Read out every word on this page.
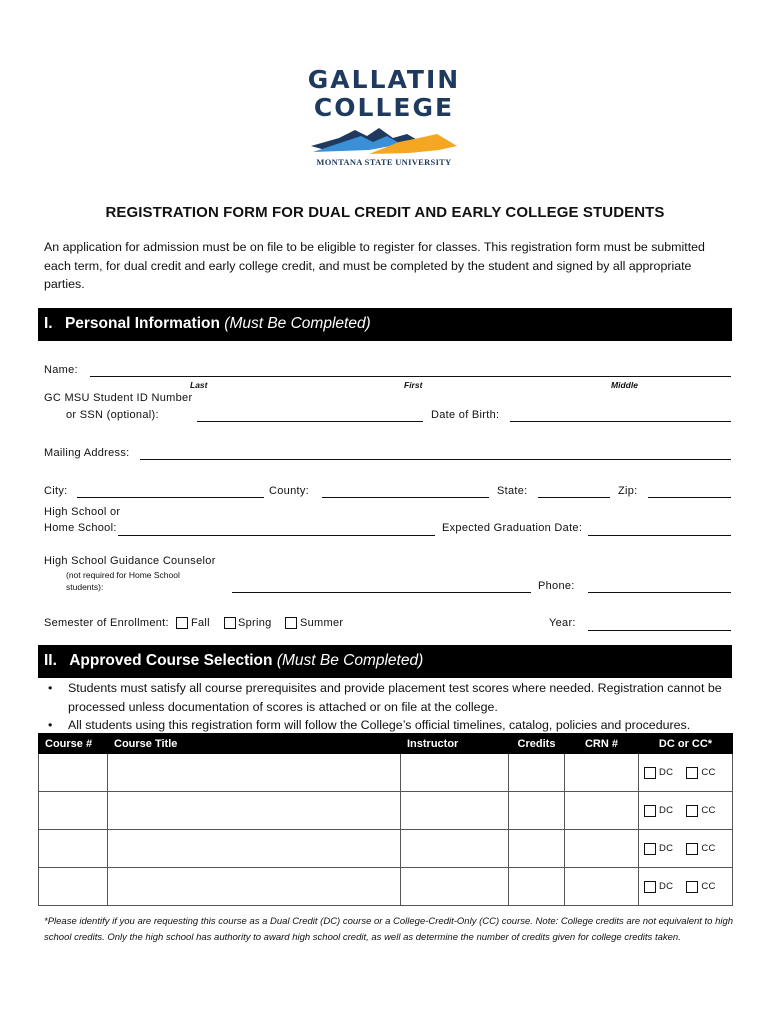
GALLATIN
COLLEGE
MONTANA STATE UNIVERSITY
REGISTRATION FORM FOR DUAL CREDIT AND EARLY COLLEGE STUDENTS
An application for admission must be on file to be eligible to register for classes. This registration form must be submitted each term, for dual credit and early college credit, and must be completed by the student and signed by all appropriate parties.
I. Personal Information (Must Be Completed)
Name:
Last	First	Middle
GC MSU Student ID Number
or SSN (optional):	Date of Birth:
Mailing Address:
City:	County:	State:	Zip:
High School or
Home School:	Expected Graduation Date:
High School Guidance Counselor
(not required for Home School
students):	Phone:
Semester of Enrollment: Fall	Spring	Summer	Year:
II. Approved Course Selection (Must Be Completed)
• Students must satisfy all course prerequisites and provide placement test scores where needed. Registration cannot be processed unless documentation of scores is attached or on file at the college.
• All students using this registration form will follow the College’s official timelines, catalog, policies and procedures.
Course #	Course Title	Instructor	Credits	CRN #	DC or CC*

					DC CC

					DC CC

					DC CC

					DC CC
*Please identify if you are requesting this course as a Dual Credit (DC) course or a College-Credit-Only (CC) course. Note: College credits are not equivalent to high school credits. Only the high school has authority to award high school credit, as well as determine the number of credits given for college credits taken.
